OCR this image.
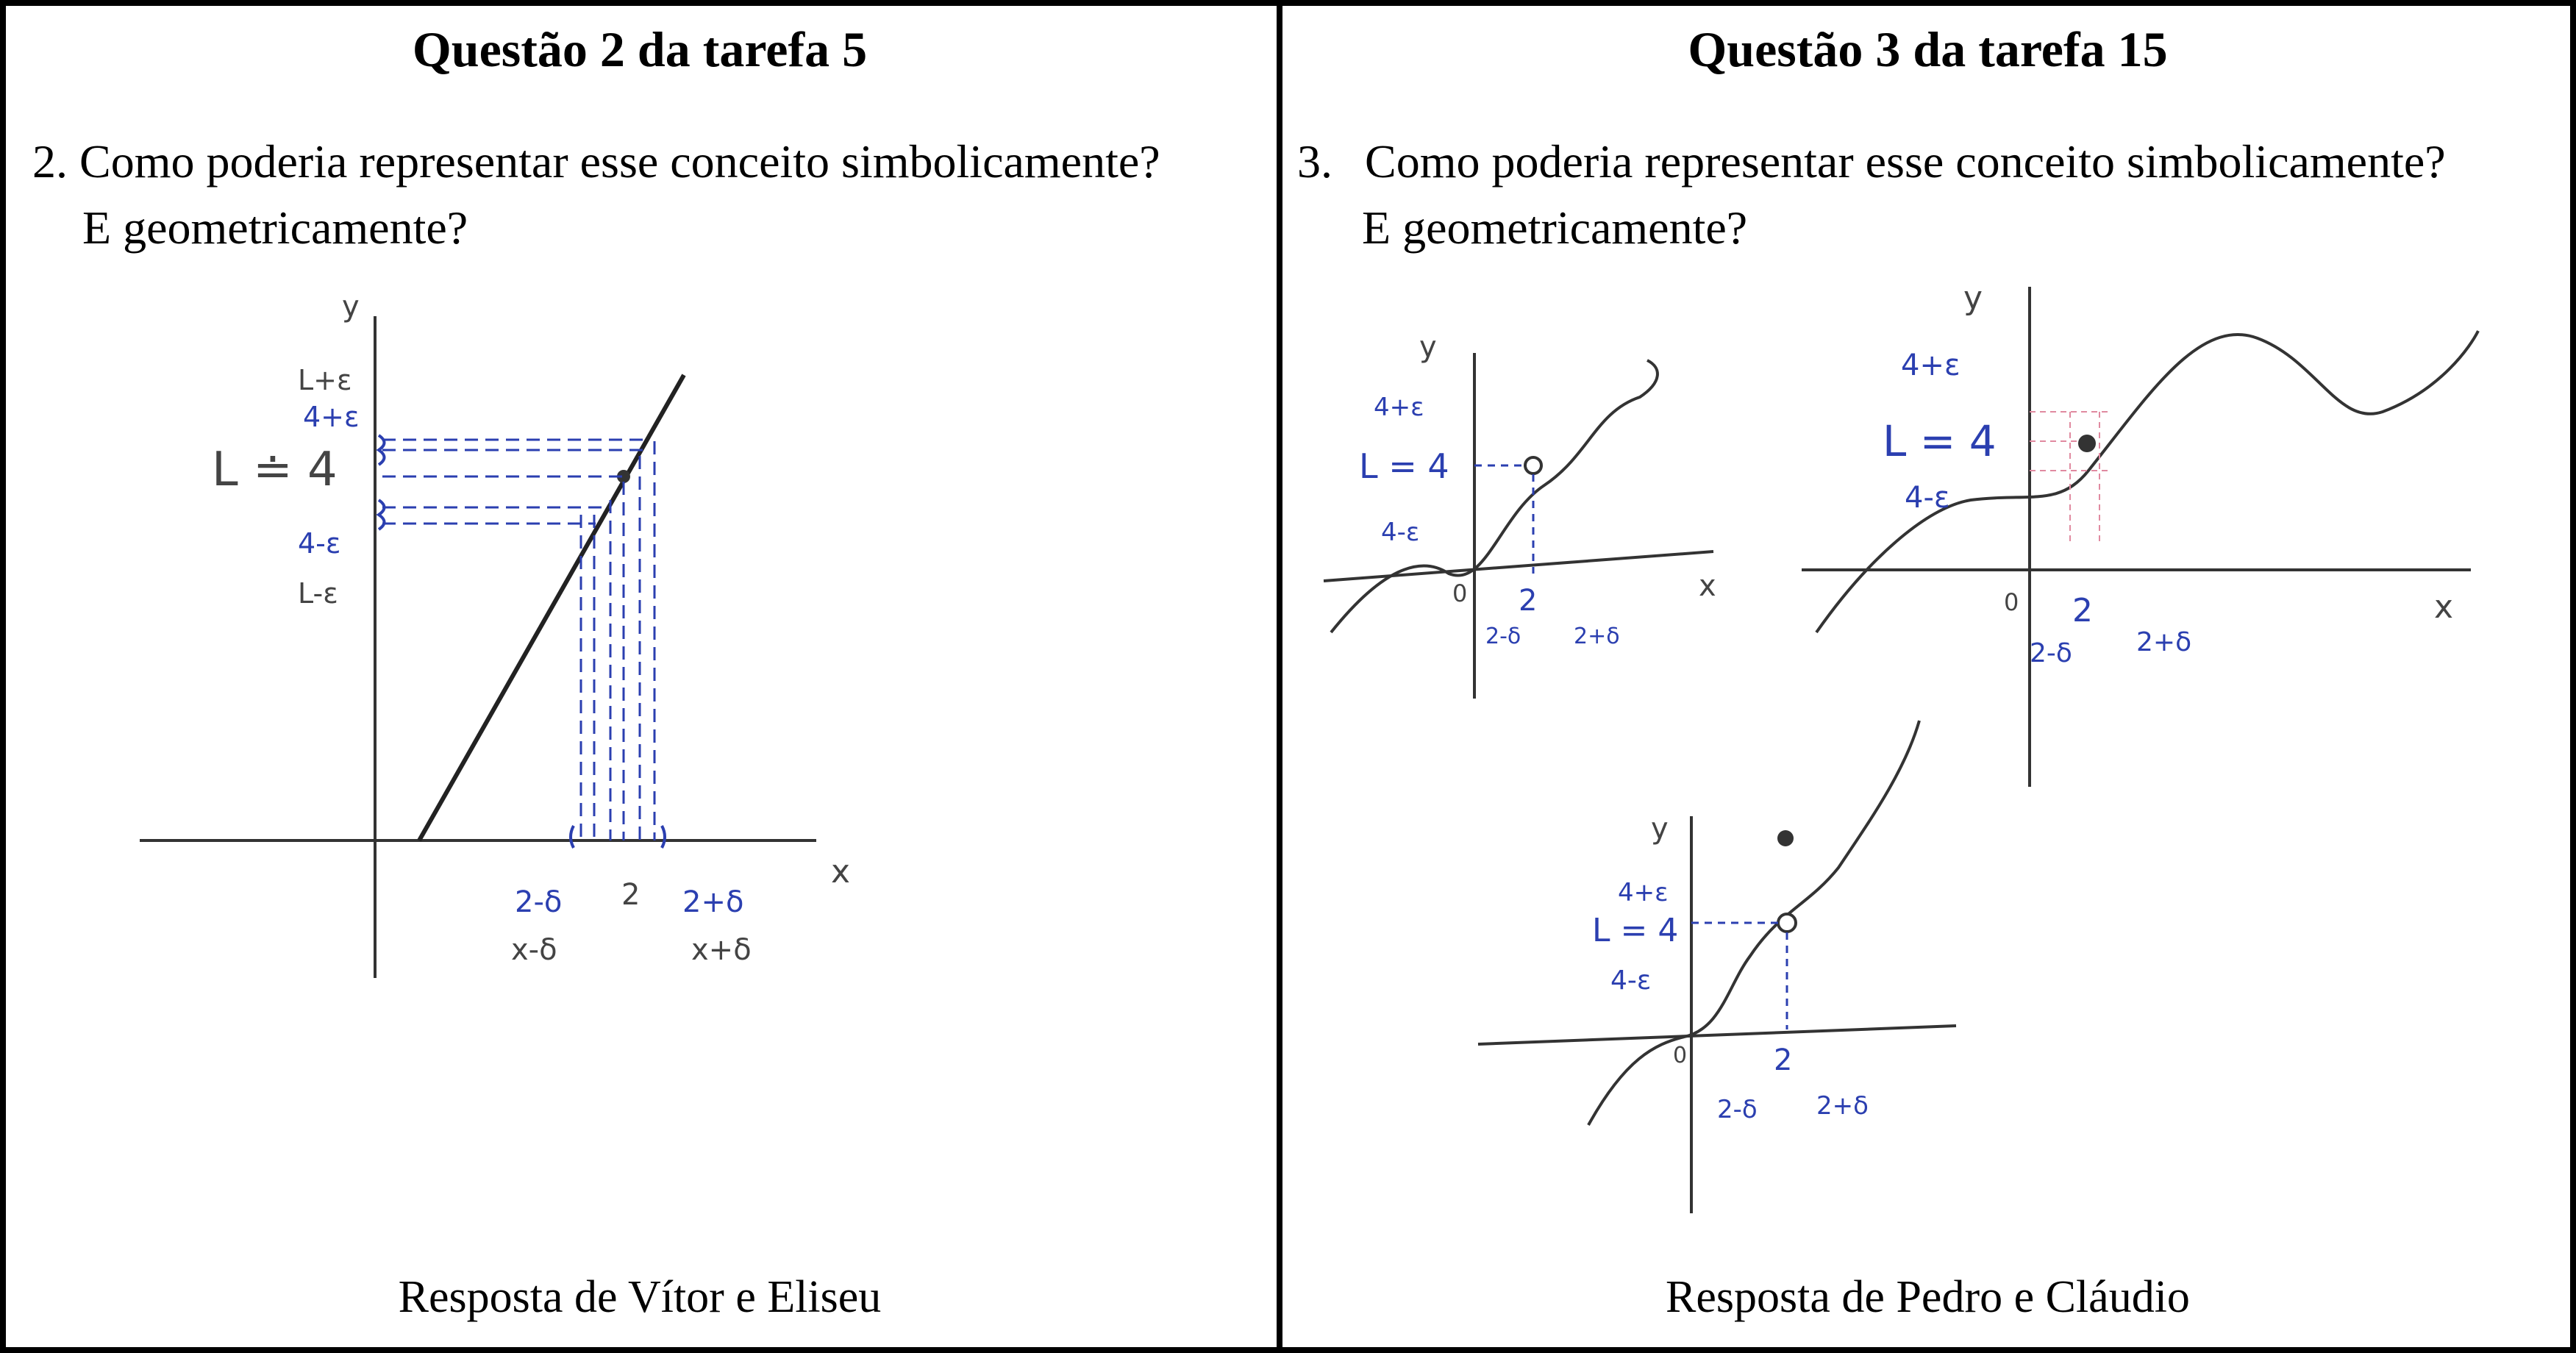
Questão 2 da tarefa 5
2. Como poderia representar esse conceito simbolicamente?
E geometricamente?
y
x
L+ε
4+ε
L ≐ 4
4-ε
L-ε
2-δ 2 2+δ
x-δ	x+δ
Resposta de Vítor e Eliseu
Questão 3 da tarefa 15
3. Como poderia representar esse conceito simbolicamente?
E geometricamente?
y
x
0
4+ε
L = 4
4-ε
2
2-δ 2+δ
y
x
0
4+ε
L = 4
4-ε
2
2-δ 2+δ
y
0
4+ε
L = 4
4-ε
2
2-δ 2+δ
Resposta de Pedro e Cláudio
